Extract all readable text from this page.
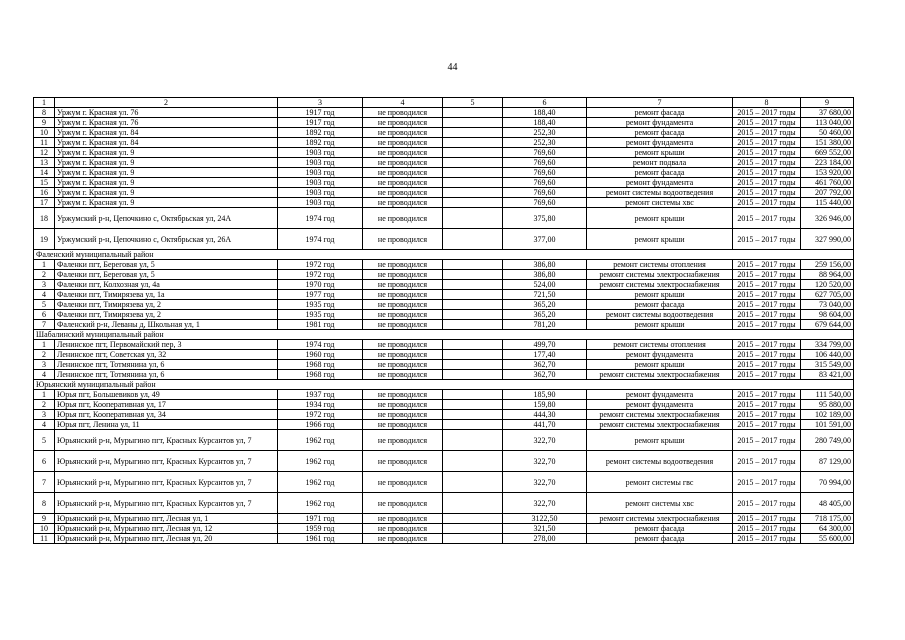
44
1	2	3	4	5	6	7	8	9
8	Уржум г. Красная ул. 76	1917 год	не проводился		188,40	ремонт фасада	2015 – 2017 годы	37 680,00
9	Уржум г. Красная ул. 76	1917 год	не проводился		188,40	ремонт фундамента	2015 – 2017 годы	113 040,00
10	Уржум г. Красная ул. 84	1892 год	не проводился		252,30	ремонт фасада	2015 – 2017 годы	50 460,00
11	Уржум г. Красная ул. 84	1892 год	не проводился		252,30	ремонт фундамента	2015 – 2017 годы	151 380,00
12	Уржум г. Красная ул. 9	1903 год	не проводился		769,60	ремонт крыши	2015 – 2017 годы	669 552,00
13	Уржум г. Красная ул. 9	1903 год	не проводился		769,60	ремонт подвала	2015 – 2017 годы	223 184,00
14	Уржум г. Красная ул. 9	1903 год	не проводился		769,60	ремонт фасада	2015 – 2017 годы	153 920,00
15	Уржум г. Красная ул. 9	1903 год	не проводился		769,60	ремонт фундамента	2015 – 2017 годы	461 760,00
16	Уржум г. Красная ул. 9	1903 год	не проводился		769,60	ремонт системы водоотведения	2015 – 2017 годы	207 792,00
17	Уржум г. Красная ул. 9	1903 год	не проводился		769,60	ремонт системы хвс	2015 – 2017 годы	115 440,00
18	Уржумский р-н, Цепочкино с, Октябрьская ул, 24А	1974 год	не проводился		375,80	ремонт крыши	2015 – 2017 годы	326 946,00
19	Уржумский р-н, Цепочкино с, Октябрьская ул, 26А	1974 год	не проводился		377,00	ремонт крыши	2015 – 2017 годы	327 990,00
Фаленский муниципальный район								
1	Фаленки пгт, Береговая ул, 5	1972 год	не проводился		386,80	ремонт системы отопления	2015 – 2017 годы	259 156,00
2	Фаленки пгт, Береговая ул, 5	1972 год	не проводился		386,80	ремонт системы электроснабжения	2015 – 2017 годы	88 964,00
3	Фаленки пгт, Колхозная ул, 4а	1970 год	не проводился		524,00	ремонт системы электроснабжения	2015 – 2017 годы	120 520,00
4	Фаленки пгт, Тимирязева ул, 1а	1977 год	не проводился		721,50	ремонт крыши	2015 – 2017 годы	627 705,00
5	Фаленки пгт, Тимирязева ул, 2	1935 год	не проводился		365,20	ремонт фасада	2015 – 2017 годы	73 040,00
6	Фаленки пгт, Тимирязева ул, 2	1935 год	не проводился		365,20	ремонт системы водоотведения	2015 – 2017 годы	98 604,00
7	Фаленский р-н, Леваны д, Школьная ул, 1	1981 год	не проводился		781,20	ремонт крыши	2015 – 2017 годы	679 644,00
Шабалинский муниципальный район								
1	Ленинское пгт, Первомайский пер, 3	1974 год	не проводился		499,70	ремонт системы отопления	2015 – 2017 годы	334 799,00
2	Ленинское пгт, Советская ул, 32	1960 год	не проводился		177,40	ремонт фундамента	2015 – 2017 годы	106 440,00
3	Ленинское пгт, Тотмянина ул, 6	1968 год	не проводился		362,70	ремонт крыши	2015 – 2017 годы	315 549,00
4	Ленинское пгт, Тотмянина ул, 6	1968 год	не проводился		362,70	ремонт системы электроснабжения	2015 – 2017 годы	83 421,00
Юрьянский муниципальный район								
1	Юрья пгт, Большевиков ул, 49	1937 год	не проводился		185,90	ремонт фундамента	2015 – 2017 годы	111 540,00
2	Юрья пгт, Кооперативная ул, 17	1934 год	не проводился		159,80	ремонт фундамента	2015 – 2017 годы	95 880,00
3	Юрья пгт, Кооперативная ул, 34	1972 год	не проводился		444,30	ремонт системы электроснабжения	2015 – 2017 годы	102 189,00
4	Юрья пгт, Ленина ул, 11	1966 год	не проводился		441,70	ремонт системы электроснабжения	2015 – 2017 годы	101 591,00
5	Юрьянский р-н, Мурыгино пгт, Красных Курсантов ул, 7	1962 год	не проводился		322,70	ремонт крыши	2015 – 2017 годы	280 749,00
6	Юрьянский р-н, Мурыгино пгт, Красных Курсантов ул, 7	1962 год	не проводился		322,70	ремонт системы водоотведения	2015 – 2017 годы	87 129,00
7	Юрьянский р-н, Мурыгино пгт, Красных Курсантов ул, 7	1962 год	не проводился		322,70	ремонт системы гвс	2015 – 2017 годы	70 994,00
8	Юрьянский р-н, Мурыгино пгт, Красных Курсантов ул, 7	1962 год	не проводился		322,70	ремонт системы хвс	2015 – 2017 годы	48 405,00
9	Юрьянский р-н, Мурыгино пгт, Лесная ул, 1	1971 год	не проводился		3122,50	ремонт системы электроснабжения	2015 – 2017 годы	718 175,00
10	Юрьянский р-н, Мурыгино пгт, Лесная ул, 12	1959 год	не проводился		321,50	ремонт фасада	2015 – 2017 годы	64 300,00
11	Юрьянский р-н, Мурыгино пгт, Лесная ул, 20	1961 год	не проводился		278,00	ремонт фасада	2015 – 2017 годы	55 600,00
